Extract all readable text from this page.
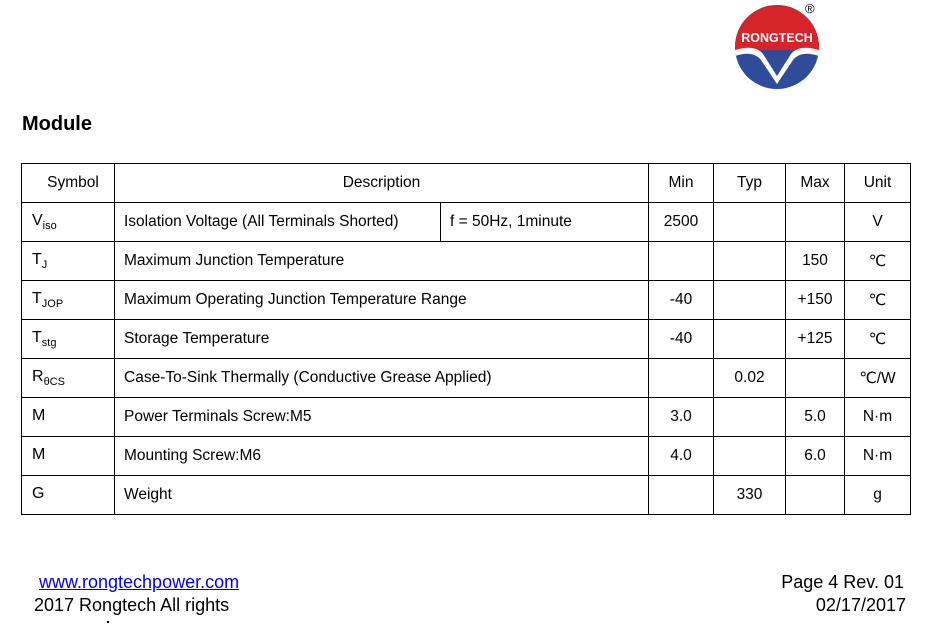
RONGTECH
®
Module
Symbol	Description		Min	Typ	Max	Unit
$V_{iso}$	Isolation Voltage (All Terminals Shorted)	f = 50Hz, 1minute	2500			V
$T_J$	Maximum Junction Temperature				150	℃
$T_{JOP}$	Maximum Operating Junction Temperature Range		-40		+150	℃
$T_{stg}$	Storage Temperature		-40		+125	℃
$R_{\theta CS}$	Case-To-Sink Thermally (Conductive Grease Applied)			0.02		℃/W
M	Power Terminals Screw:M5		3.0		5.0	N·m
M	Mounting Screw:M6		4.0		6.0	N·m
G	Weight			330		g
www.rongtechpower.com
2017 Rongtech All rights
Page 4 Rev. 01
02/17/2017
